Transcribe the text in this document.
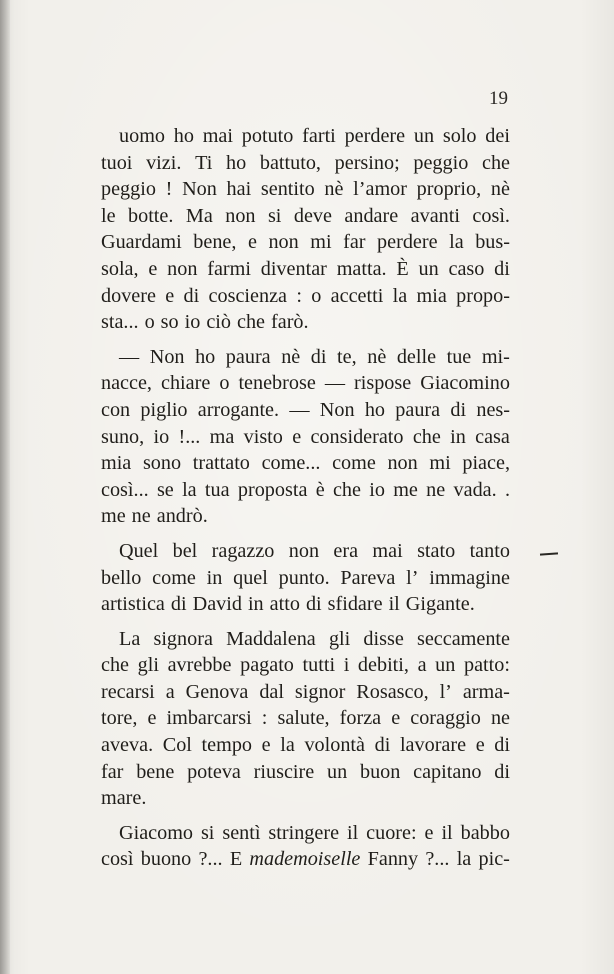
19
uomo ho mai potuto farti perdere un solo dei
tuoi vizi. Ti ho battuto, persino; peggio che
peggio ! Non hai sentito nè l’amor proprio, nè
le botte. Ma non si deve andare avanti così.
Guardami bene, e non mi far perdere la bus-
sola, e non farmi diventar matta. È un caso di
dovere e di coscienza : o accetti la mia propo-
sta... o so io ciò che farò.
— Non ho paura nè di te, nè delle tue mi-
nacce, chiare o tenebrose — rispose Giacomino
con piglio arrogante. — Non ho paura di nes-
suno, io !... ma visto e considerato che in casa
mia sono trattato come... come non mi piace,
così... se la tua proposta è che io me ne vada. .
me ne andrò.
Quel bel ragazzo non era mai stato tanto
bello come in quel punto. Pareva l’ immagine
artistica di David in atto di sfidare il Gigante.
La signora Maddalena gli disse seccamente
che gli avrebbe pagato tutti i debiti, a un patto:
recarsi a Genova dal signor Rosasco, l’ arma-
tore, e imbarcarsi : salute, forza e coraggio ne
aveva. Col tempo e la volontà di lavorare e di
far bene poteva riuscire un buon capitano di
mare.
Giacomo si sentì stringere il cuore: e il babbo
così buono ?... E mademoiselle Fanny ?... la pic-
